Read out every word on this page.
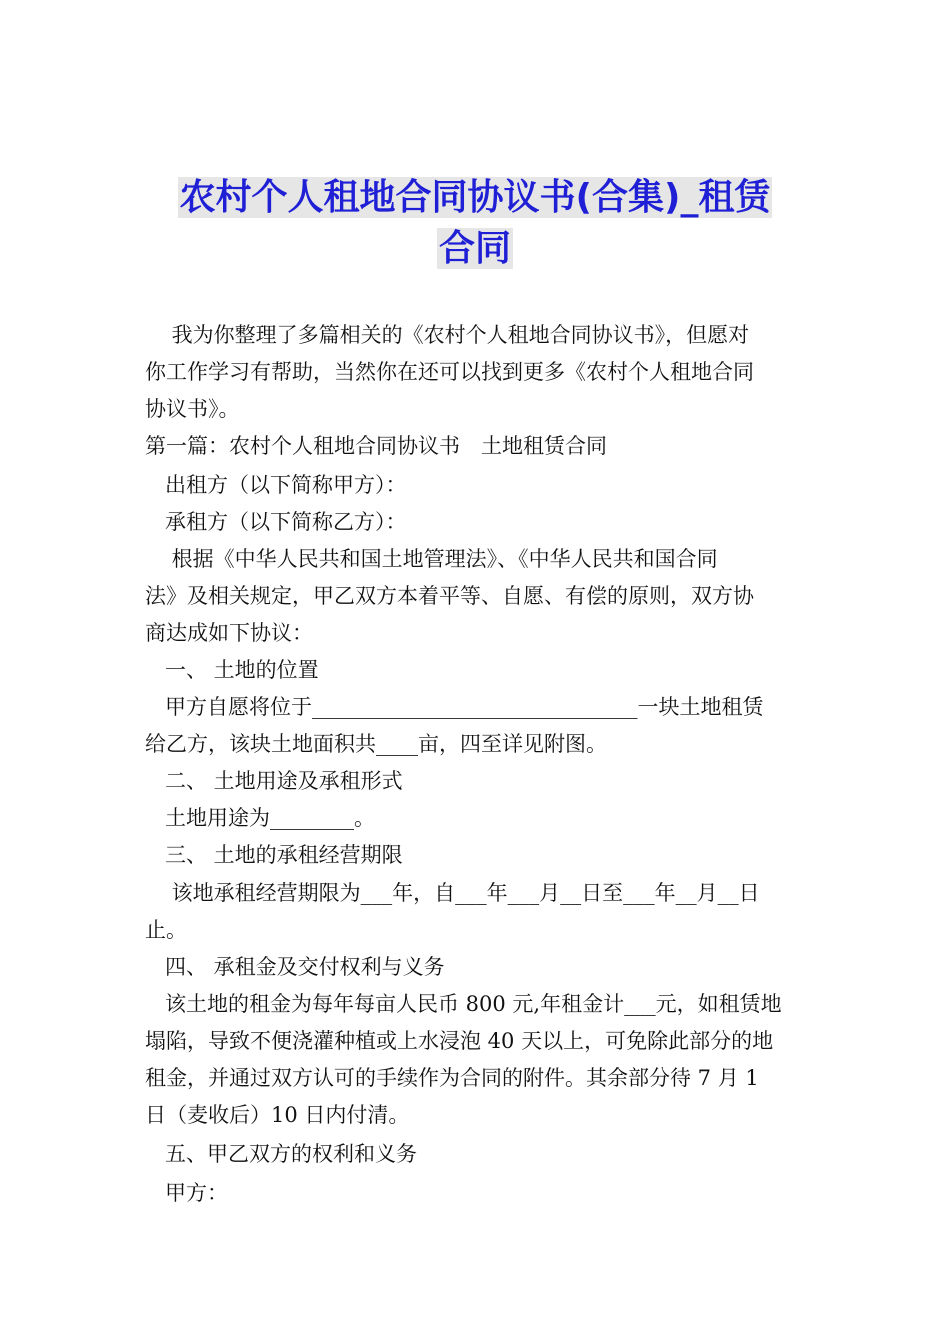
农村个人租地合同协议书(合集)_租赁
合同
我为你整理了多篇相关的《农村个人租地合同协议书》，但愿对
你工作学习有帮助，当然你在还可以找到更多《农村个人租地合同
协议书》。
第一篇：农村个人租地合同协议书　土地租赁合同
出租方（以下简称甲方）：
承租方（以下简称乙方）：
根据《中华人民共和国土地管理法》、《中华人民共和国合同
法》及相关规定，甲乙双方本着平等、自愿、有偿的原则，双方协
商达成如下协议：
一、 土地的位置
甲方自愿将位于_______________________________一块土地租赁
给乙方，该块土地面积共____亩，四至详见附图。
二、 土地用途及承租形式
土地用途为________。
三、 土地的承租经营期限
该地承租经营期限为___年，自___年___月__日至___年__月__日
止。
四、 承租金及交付权利与义务
该土地的租金为每年每亩人民币 800 元,年租金计___元，如租赁地
塌陷，导致不便浇灌种植或上水浸泡 40 天以上，可免除此部分的地
租金，并通过双方认可的手续作为合同的附件。其余部分待 7 月 1
日（麦收后）10 日内付清。
五、甲乙双方的权利和义务
甲方：
